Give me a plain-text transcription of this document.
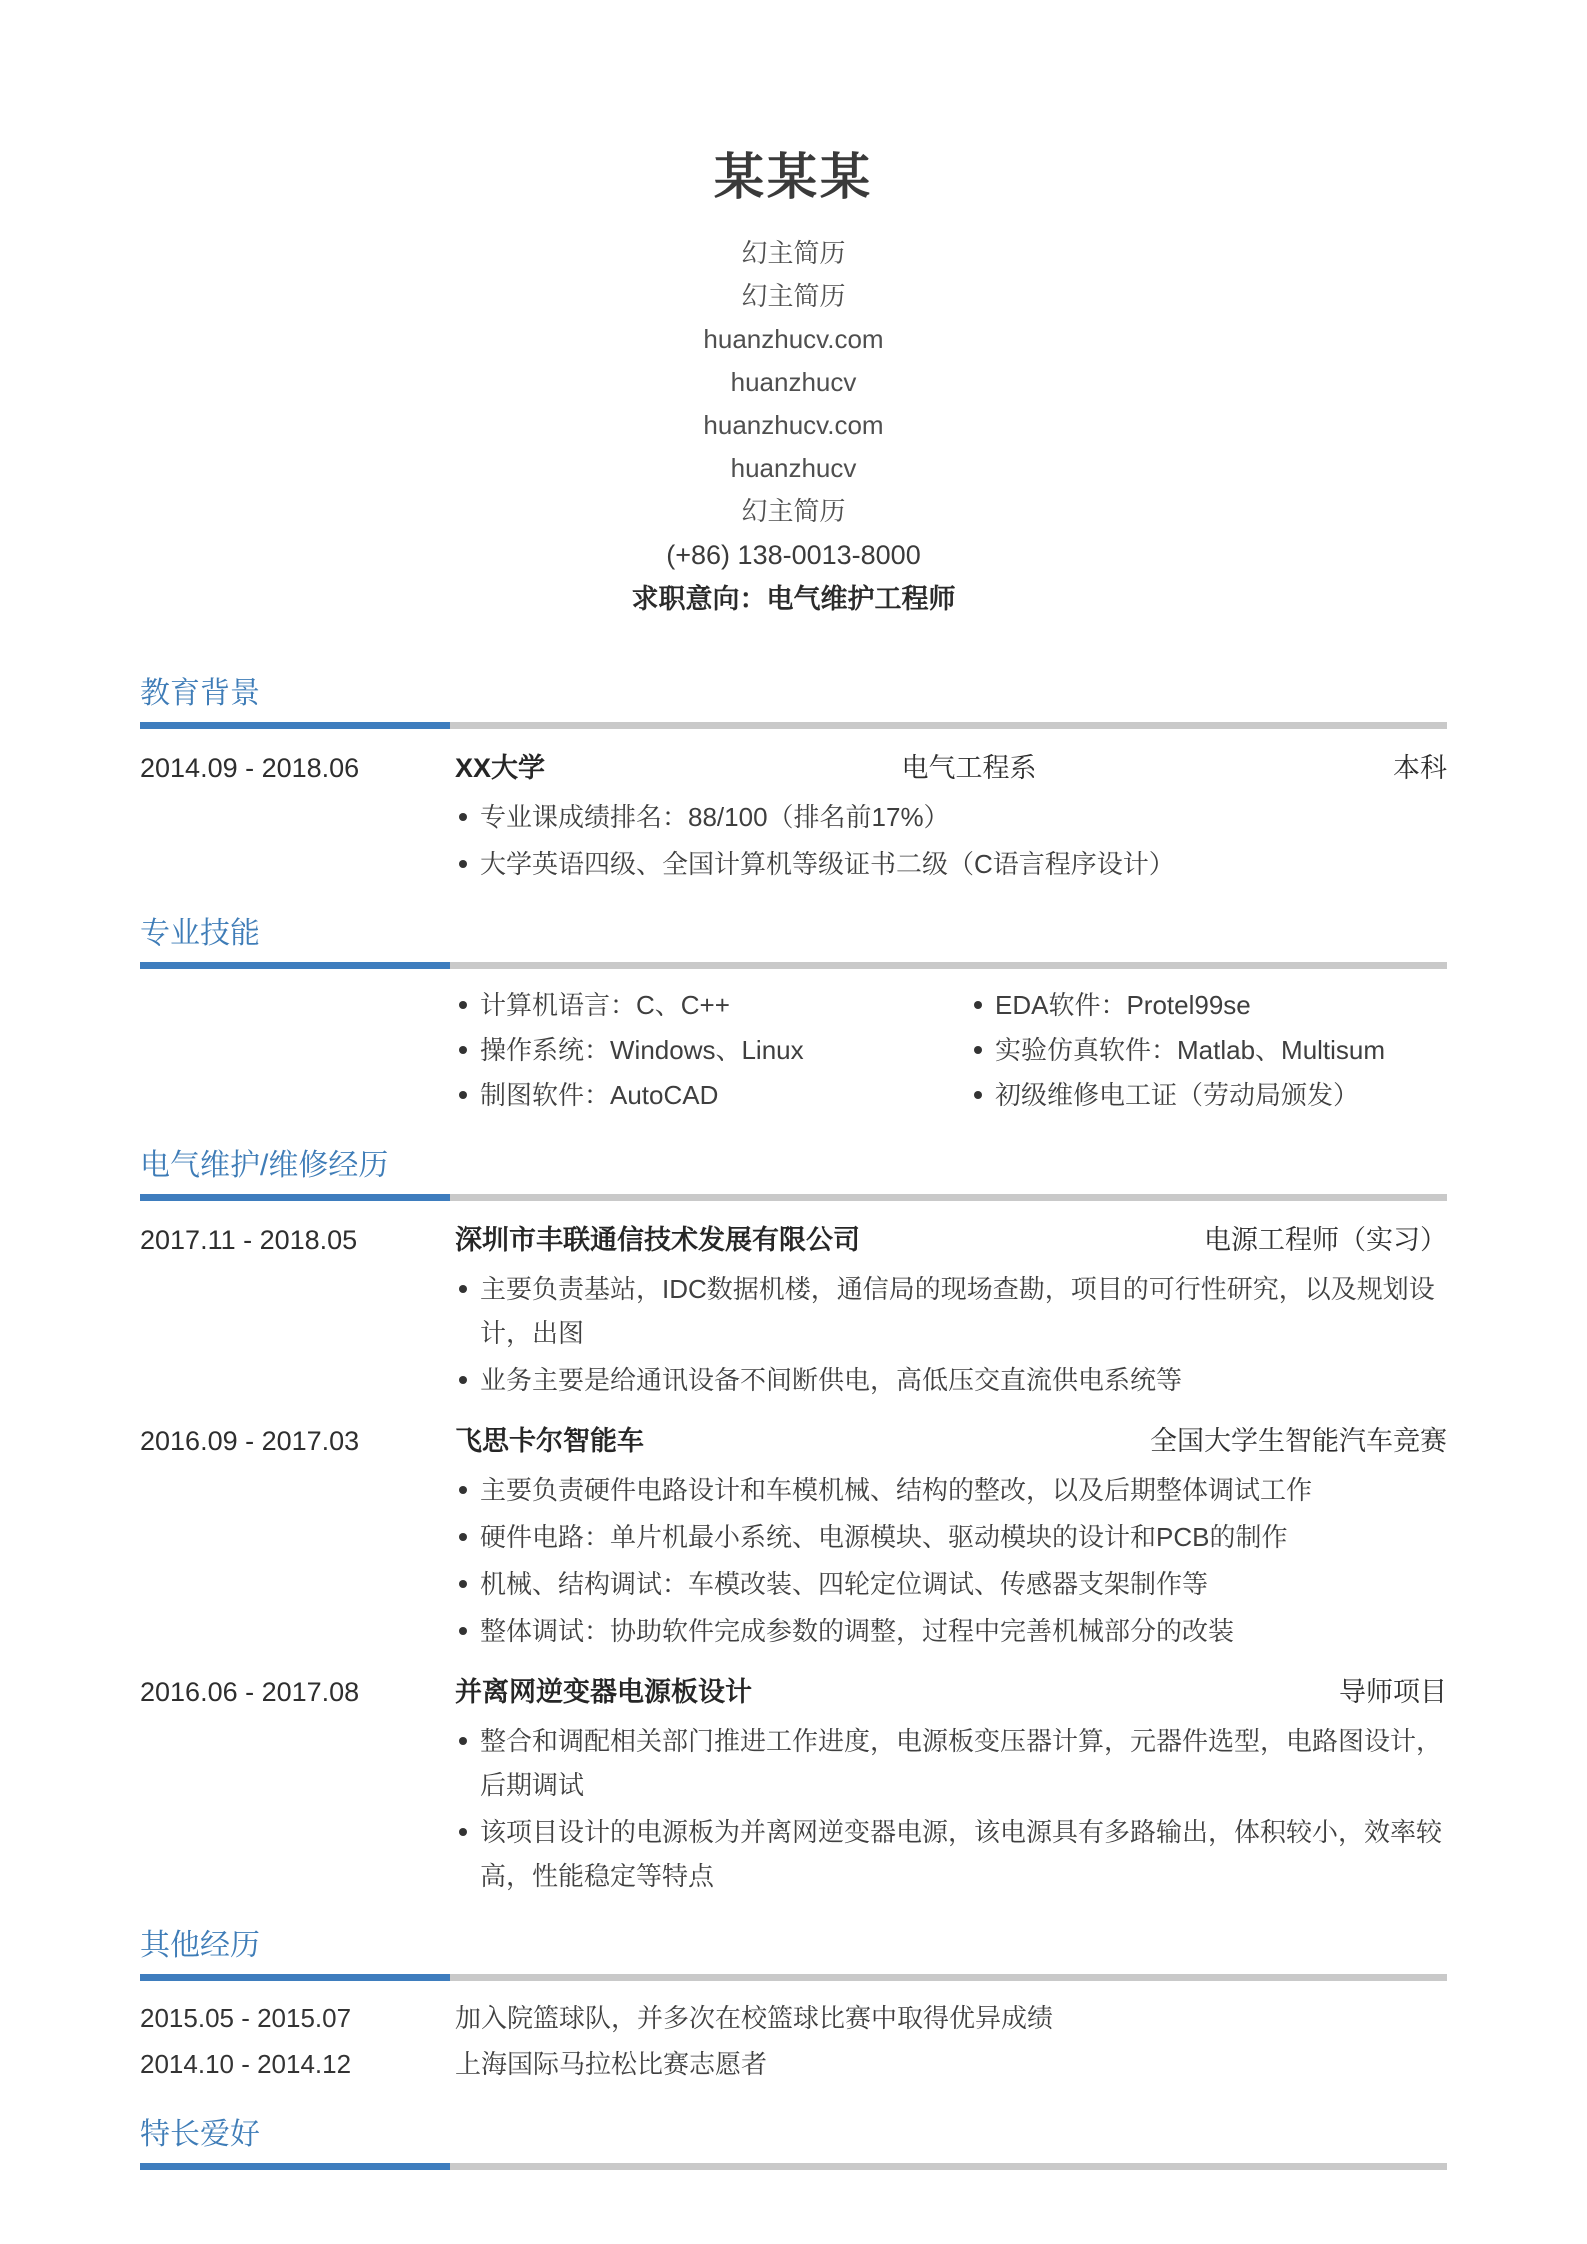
某某某
幻主简历
幻主简历
huanzhucv.com
huanzhucv
huanzhucv.com
huanzhucv
幻主简历
(+86) 138-0013-8000
求职意向：电气维护工程师
教育背景
2014.09 - 2018.06	XX大学	电气工程系	本科
专业课成绩排名：88/100（排名前17%）
大学英语四级、全国计算机等级证书二级（C语言程序设计）
专业技能
计算机语言：C、C++	EDA软件：Protel99se
操作系统：Windows、Linux	实验仿真软件：Matlab、Multisum
制图软件：AutoCAD	初级维修电工证（劳动局颁发）
电气维护/维修经历
2017.11 - 2018.05	深圳市丰联通信技术发展有限公司	电源工程师（实习）
主要负责基站，IDC数据机楼，通信局的现场查勘，项目的可行性研究，以及规划设计，出图
业务主要是给通讯设备不间断供电，高低压交直流供电系统等
2016.09 - 2017.03	飞思卡尔智能车	全国大学生智能汽车竞赛
主要负责硬件电路设计和车模机械、结构的整改，以及后期整体调试工作
硬件电路：单片机最小系统、电源模块、驱动模块的设计和PCB的制作
机械、结构调试：车模改装、四轮定位调试、传感器支架制作等
整体调试：协助软件完成参数的调整，过程中完善机械部分的改装
2016.06 - 2017.08	并离网逆变器电源板设计	导师项目
整合和调配相关部门推进工作进度，电源板变压器计算，元器件选型，电路图设计，后期调试
该项目设计的电源板为并离网逆变器电源，该电源具有多路输出，体积较小，效率较高，性能稳定等特点
其他经历
2015.05 - 2015.07	加入院篮球队，并多次在校篮球比赛中取得优异成绩
2014.10 - 2014.12	上海国际马拉松比赛志愿者
特长爱好
